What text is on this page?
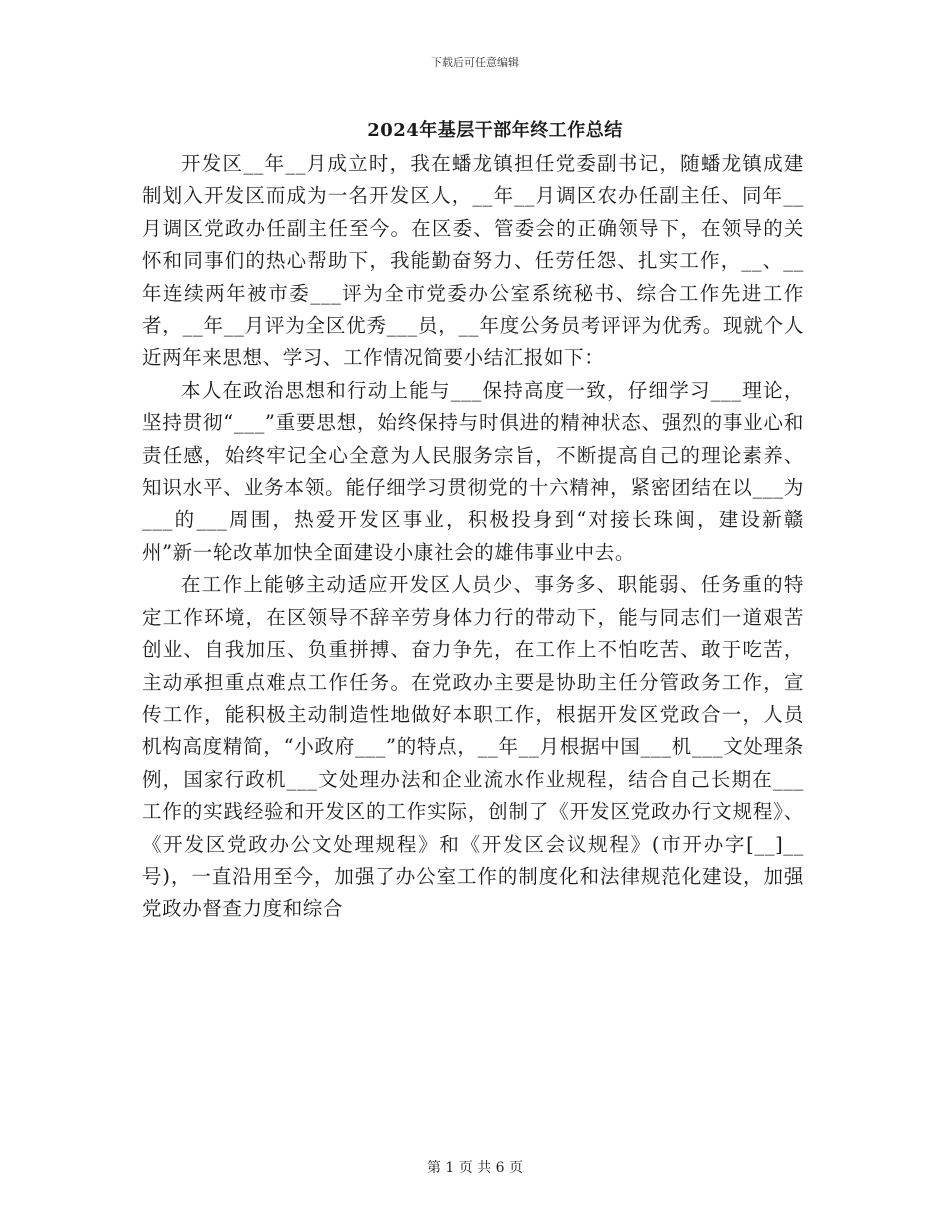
下载后可任意编辑
2024年基层干部年终工作总结

开发区__年__月成立时，我在蟠龙镇担任党委副书记，随蟠龙镇成建制划入开发区而成为一名开发区人，__年__月调区农办任副主任、同年__月调区党政办任副主任至今。在区委、管委会的正确领导下，在领导的关怀和同事们的热心帮助下，我能勤奋努力、任劳任怨、扎实工作，__、__年连续两年被市委___评为全市党委办公室系统秘书、综合工作先进工作者，__年__月评为全区优秀___员，__年度公务员考评评为优秀。现就个人近两年来思想、学习、工作情况简要小结汇报如下：

本人在政治思想和行动上能与___保持高度一致，仔细学习___理论，坚持贯彻“___”重要思想，始终保持与时俱进的精神状态、强烈的事业心和责任感，始终牢记全心全意为人民服务宗旨，不断提高自己的理论素养、知识水平、业务本领。能仔细学习贯彻党的十六精神，紧密团结在以___为___的___周围，热爱开发区事业，积极投身到“对接长珠闽，建设新赣州”新一轮改革加快全面建设小康社会的雄伟事业中去。

在工作上能够主动适应开发区人员少、事务多、职能弱、任务重的特定工作环境，在区领导不辞辛劳身体力行的带动下，能与同志们一道艰苦创业、自我加压、负重拼搏、奋力争先，在工作上不怕吃苦、敢于吃苦，主动承担重点难点工作任务。在党政办主要是协助主任分管政务工作，宣传工作，能积极主动制造性地做好本职工作，根据开发区党政合一，人员机构高度精简，“小政府___”的特点，__年__月根据中国___机___文处理条例，国家行政机___文处理办法和企业流水作业规程，结合自己长期在___工作的实践经验和开发区的工作实际，创制了《开发区党政办行文规程》、《开发区党政办公文处理规程》和《开发区会议规程》(市开办字[__]__号)，一直沿用至今，加强了办公室工作的制度化和法律规范化建设，加强党政办督查力度和综合

第 1 页 共 6 页
